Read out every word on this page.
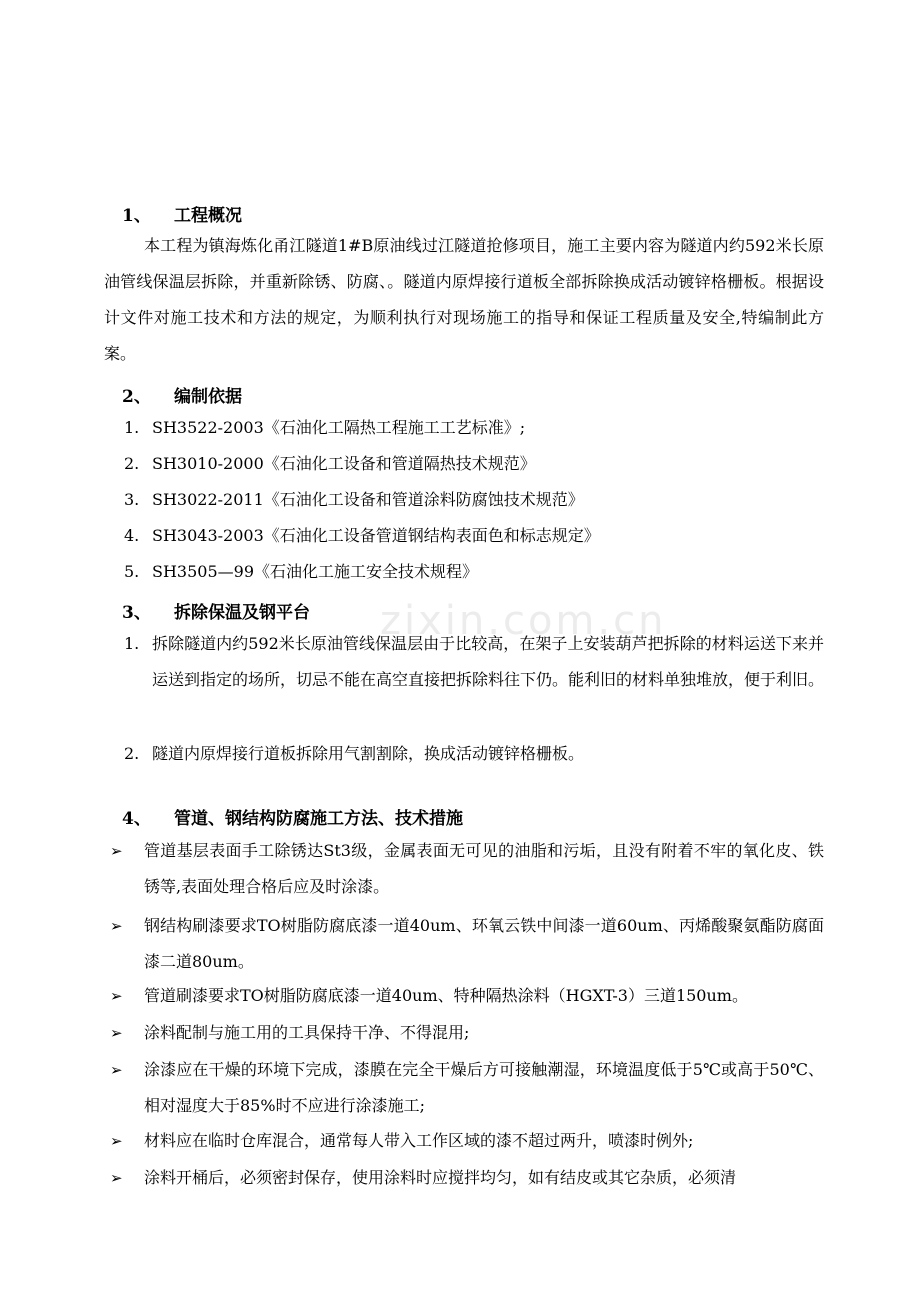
zixin.com.cn
1、 工程概况
本工程为镇海炼化甬江隧道1#B原油线过江隧道抢修项目，施工主要内容为隧道内约592米长原油管线保温层拆除，并重新除锈、防腐、。隧道内原焊接行道板全部拆除换成活动镀锌格栅板。根据设计文件对施工技术和方法的规定，为顺利执行对现场施工的指导和保证工程质量及安全,特编制此方案。
2、 编制依据
1. SH3522-2003《石油化工隔热工程施工工艺标准》;
2. SH3010-2000《石油化工设备和管道隔热技术规范》
3. SH3022-2011《石油化工设备和管道涂料防腐蚀技术规范》
4. SH3043-2003《石油化工设备管道钢结构表面色和标志规定》
5. SH3505—99《石油化工施工安全技术规程》
3、 拆除保温及钢平台
1. 拆除隧道内约592米长原油管线保温层由于比较高，在架子上安装葫芦把拆除的材料运送下来并运送到指定的场所，切忌不能在高空直接把拆除料往下仍。能利旧的材料单独堆放，便于利旧。
2. 隧道内原焊接行道板拆除用气割割除，换成活动镀锌格栅板。
4、 管道、钢结构防腐施工方法、技术措施
➢	管道基层表面手工除锈达St3级，金属表面无可见的油脂和污垢，且没有附着不牢的氧化皮、铁锈等,表面处理合格后应及时涂漆。
➢	钢结构刷漆要求TO树脂防腐底漆一道40um、环氧云铁中间漆一道60um、丙烯酸聚氨酯防腐面漆二道80um。
➢	管道刷漆要求TO树脂防腐底漆一道40um、特种隔热涂料（HGXT-3）三道150um。
➢	涂料配制与施工用的工具保持干净、不得混用;
➢	涂漆应在干燥的环境下完成，漆膜在完全干燥后方可接触潮湿，环境温度低于5℃或高于50℃、相对湿度大于85%时不应进行涂漆施工;
➢	材料应在临时仓库混合，通常每人带入工作区域的漆不超过两升，喷漆时例外;
➢	涂料开桶后，必须密封保存，使用涂料时应搅拌均匀，如有结皮或其它杂质，必须清
